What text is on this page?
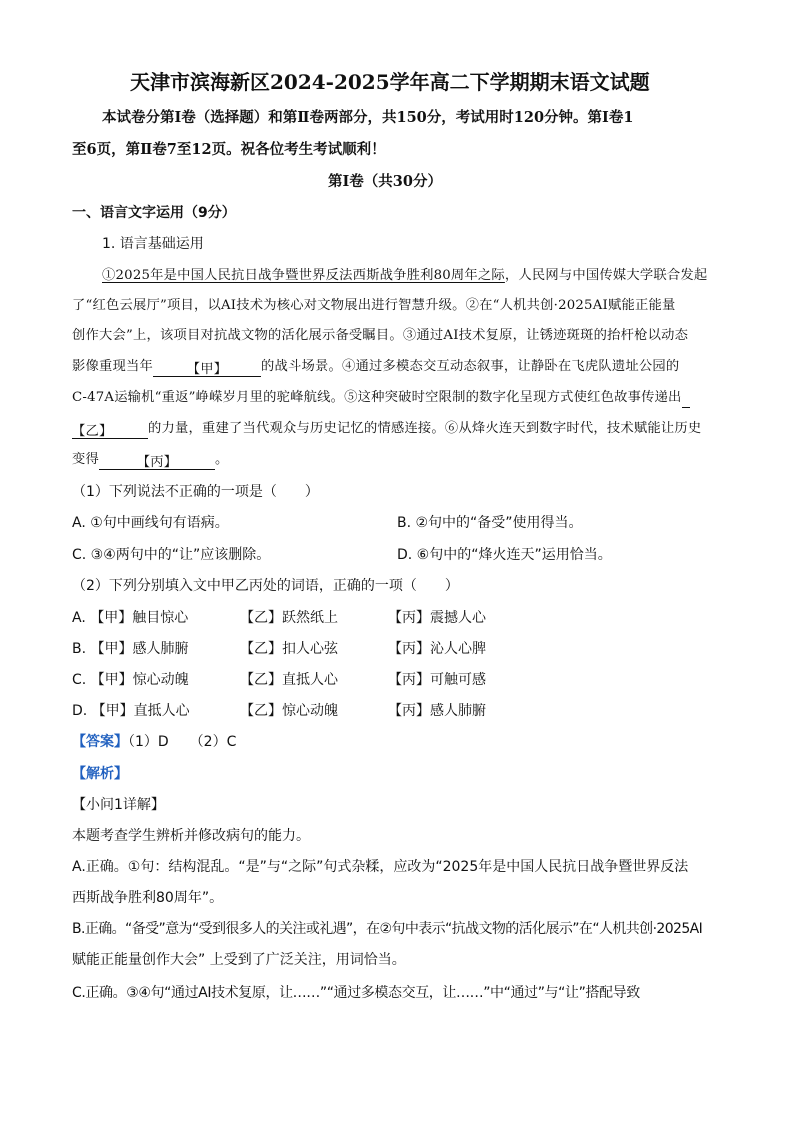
天津市滨海新区2024-2025学年高二下学期期末语文试题
本试卷分第Ⅰ卷（选择题）和第Ⅱ卷两部分，共150分，考试用时120分钟。第Ⅰ卷1
至6页，第Ⅱ卷7至12页。祝各位考生考试顺利！
第Ⅰ卷（共30分）
一、语言文字运用（9分）
1. 语言基础运用
①2025年是中国人民抗日战争暨世界反法西斯战争胜利80周年之际，人民网与中国传媒大学联合发起
了“红色云展厅”项目，以AI技术为核心对文物展出进行智慧升级。②在“人机共创·2025AI赋能正能量
创作大会”上，该项目对抗战文物的活化展示备受瞩目。③通过AI技术复原，让锈迹斑斑的抬杆枪以动态
影像重现当年	【甲】	的战斗场景。④通过多模态交互动态叙事，让静卧在飞虎队遗址公园的
C-47A运输机“重返”峥嵘岁月里的驼峰航线。⑤这种突破时空限制的数字化呈现方式使红色故事传递出
【乙】	的力量，重建了当代观众与历史记忆的情感连接。⑥从烽火连天到数字时代，技术赋能让历史
变得	【丙】	。
（1）下列说法不正确的一项是（　　）
A. ①句中画线句有语病。	B. ②句中的“备受”使用得当。
C. ③④两句中的“让”应该删除。	D. ⑥句中的“烽火连天”运用恰当。
（2）下列分别填入文中甲乙丙处的词语，正确的一项（　　）
A. 【甲】触目惊心	【乙】跃然纸上	【丙】震撼人心
B. 【甲】感人肺腑	【乙】扣人心弦	【丙】沁人心脾
C. 【甲】惊心动魄	【乙】直抵人心	【丙】可触可感
D. 【甲】直抵人心	【乙】惊心动魄	【丙】感人肺腑
【答案】（1）D　　（2）C
【解析】
【小问1详解】
本题考查学生辨析并修改病句的能力。
A.正确。①句：结构混乱。“是”与“之际”句式杂糅，应改为“2025年是中国人民抗日战争暨世界反法
西斯战争胜利80周年”。
B.正确。“备受”意为“受到很多人的关注或礼遇”，在②句中表示“抗战文物的活化展示”在“人机共创·2025AI
赋能正能量创作大会” 上受到了广泛关注，用词恰当。
C.正确。③④句“通过AI技术复原，让……”“通过多模态交互，让……”中“通过”与“让”搭配导致
